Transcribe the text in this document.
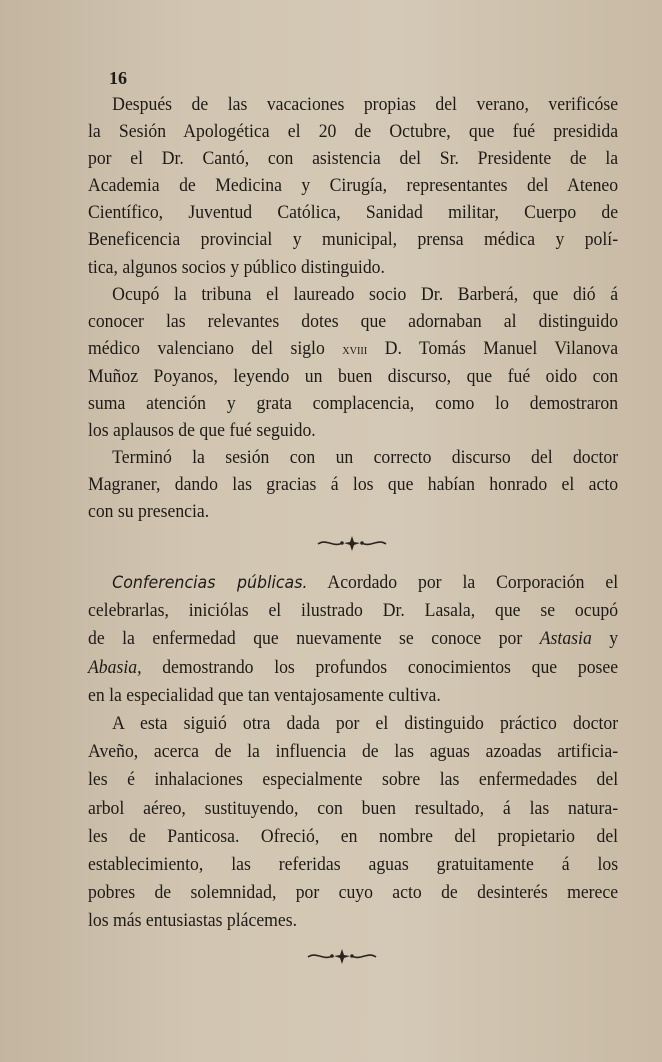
16
Después de las vacaciones propias del verano, verificóse
la Sesión Apologética el 20 de Octubre, que fué presidida
por el Dr. Cantó, con asistencia del Sr. Presidente de la
Academia de Medicina y Cirugía, representantes del Ateneo
Científico, Juventud Católica, Sanidad militar, Cuerpo de
Beneficencia provincial y municipal, prensa médica y polí-
tica, algunos socios y público distinguido.
Ocupó la tribuna el laureado socio Dr. Barberá, que dió á
conocer las relevantes dotes que adornaban al distinguido
médico valenciano del siglo xviii D. Tomás Manuel Vilanova
Muñoz Poyanos, leyendo un buen discurso, que fué oido con
suma atención y grata complacencia, como lo demostraron
los aplausos de que fué seguido.
Terminó la sesión con un correcto discurso del doctor
Magraner, dando las gracias á los que habían honrado el acto
con su presencia.
Conferencias públicas. Acordado por la Corporación el
celebrarlas, iniciólas el ilustrado Dr. Lasala, que se ocupó
de la enfermedad que nuevamente se conoce por Astasia y
Abasia, demostrando los profundos conocimientos que posee
en la especialidad que tan ventajosamente cultiva.
A esta siguió otra dada por el distinguido práctico doctor
Aveño, acerca de la influencia de las aguas azoadas artificia-
les é inhalaciones especialmente sobre las enfermedades del
arbol aéreo, sustituyendo, con buen resultado, á las natura-
les de Panticosa. Ofreció, en nombre del propietario del
establecimiento, las referidas aguas gratuitamente á los
pobres de solemnidad, por cuyo acto de desinterés merece
los más entusiastas plácemes.
